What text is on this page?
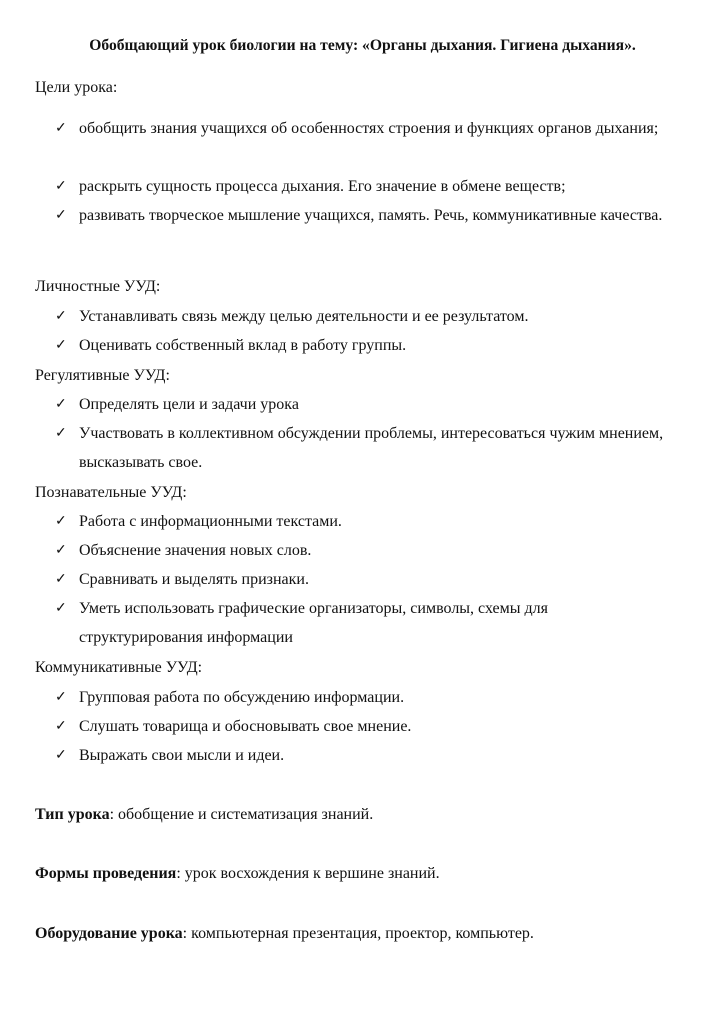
Обобщающий урок биологии на тему: «Органы дыхания. Гигиена дыхания».
Цели урока:
✓ обобщить знания учащихся об особенностях строения и функциях органов дыхания;
✓ раскрыть сущность процесса дыхания. Его значение в обмене веществ;
✓ развивать творческое мышление учащихся, память. Речь, коммуникативные качества.
Личностные УУД:
✓ Устанавливать связь между целью деятельности и ее результатом.
✓ Оценивать собственный вклад в работу группы.
Регулятивные УУД:
✓ Определять цели и задачи урока
✓ Участвовать в коллективном обсуждении проблемы, интересоваться чужим мнением, высказывать свое.
Познавательные УУД:
✓ Работа с информационными текстами.
✓ Объяснение значения новых слов.
✓ Сравнивать и выделять признаки.
✓ Уметь использовать графические организаторы, символы, схемы для структурирования информации
Коммуникативные УУД:
✓ Групповая работа по обсуждению информации.
✓ Слушать товарища и обосновывать свое мнение.
✓ Выражать свои мысли и идеи.
Тип урока: обобщение и систематизация знаний.
Формы проведения: урок восхождения к вершине знаний.
Оборудование урока: компьютерная презентация, проектор, компьютер.
